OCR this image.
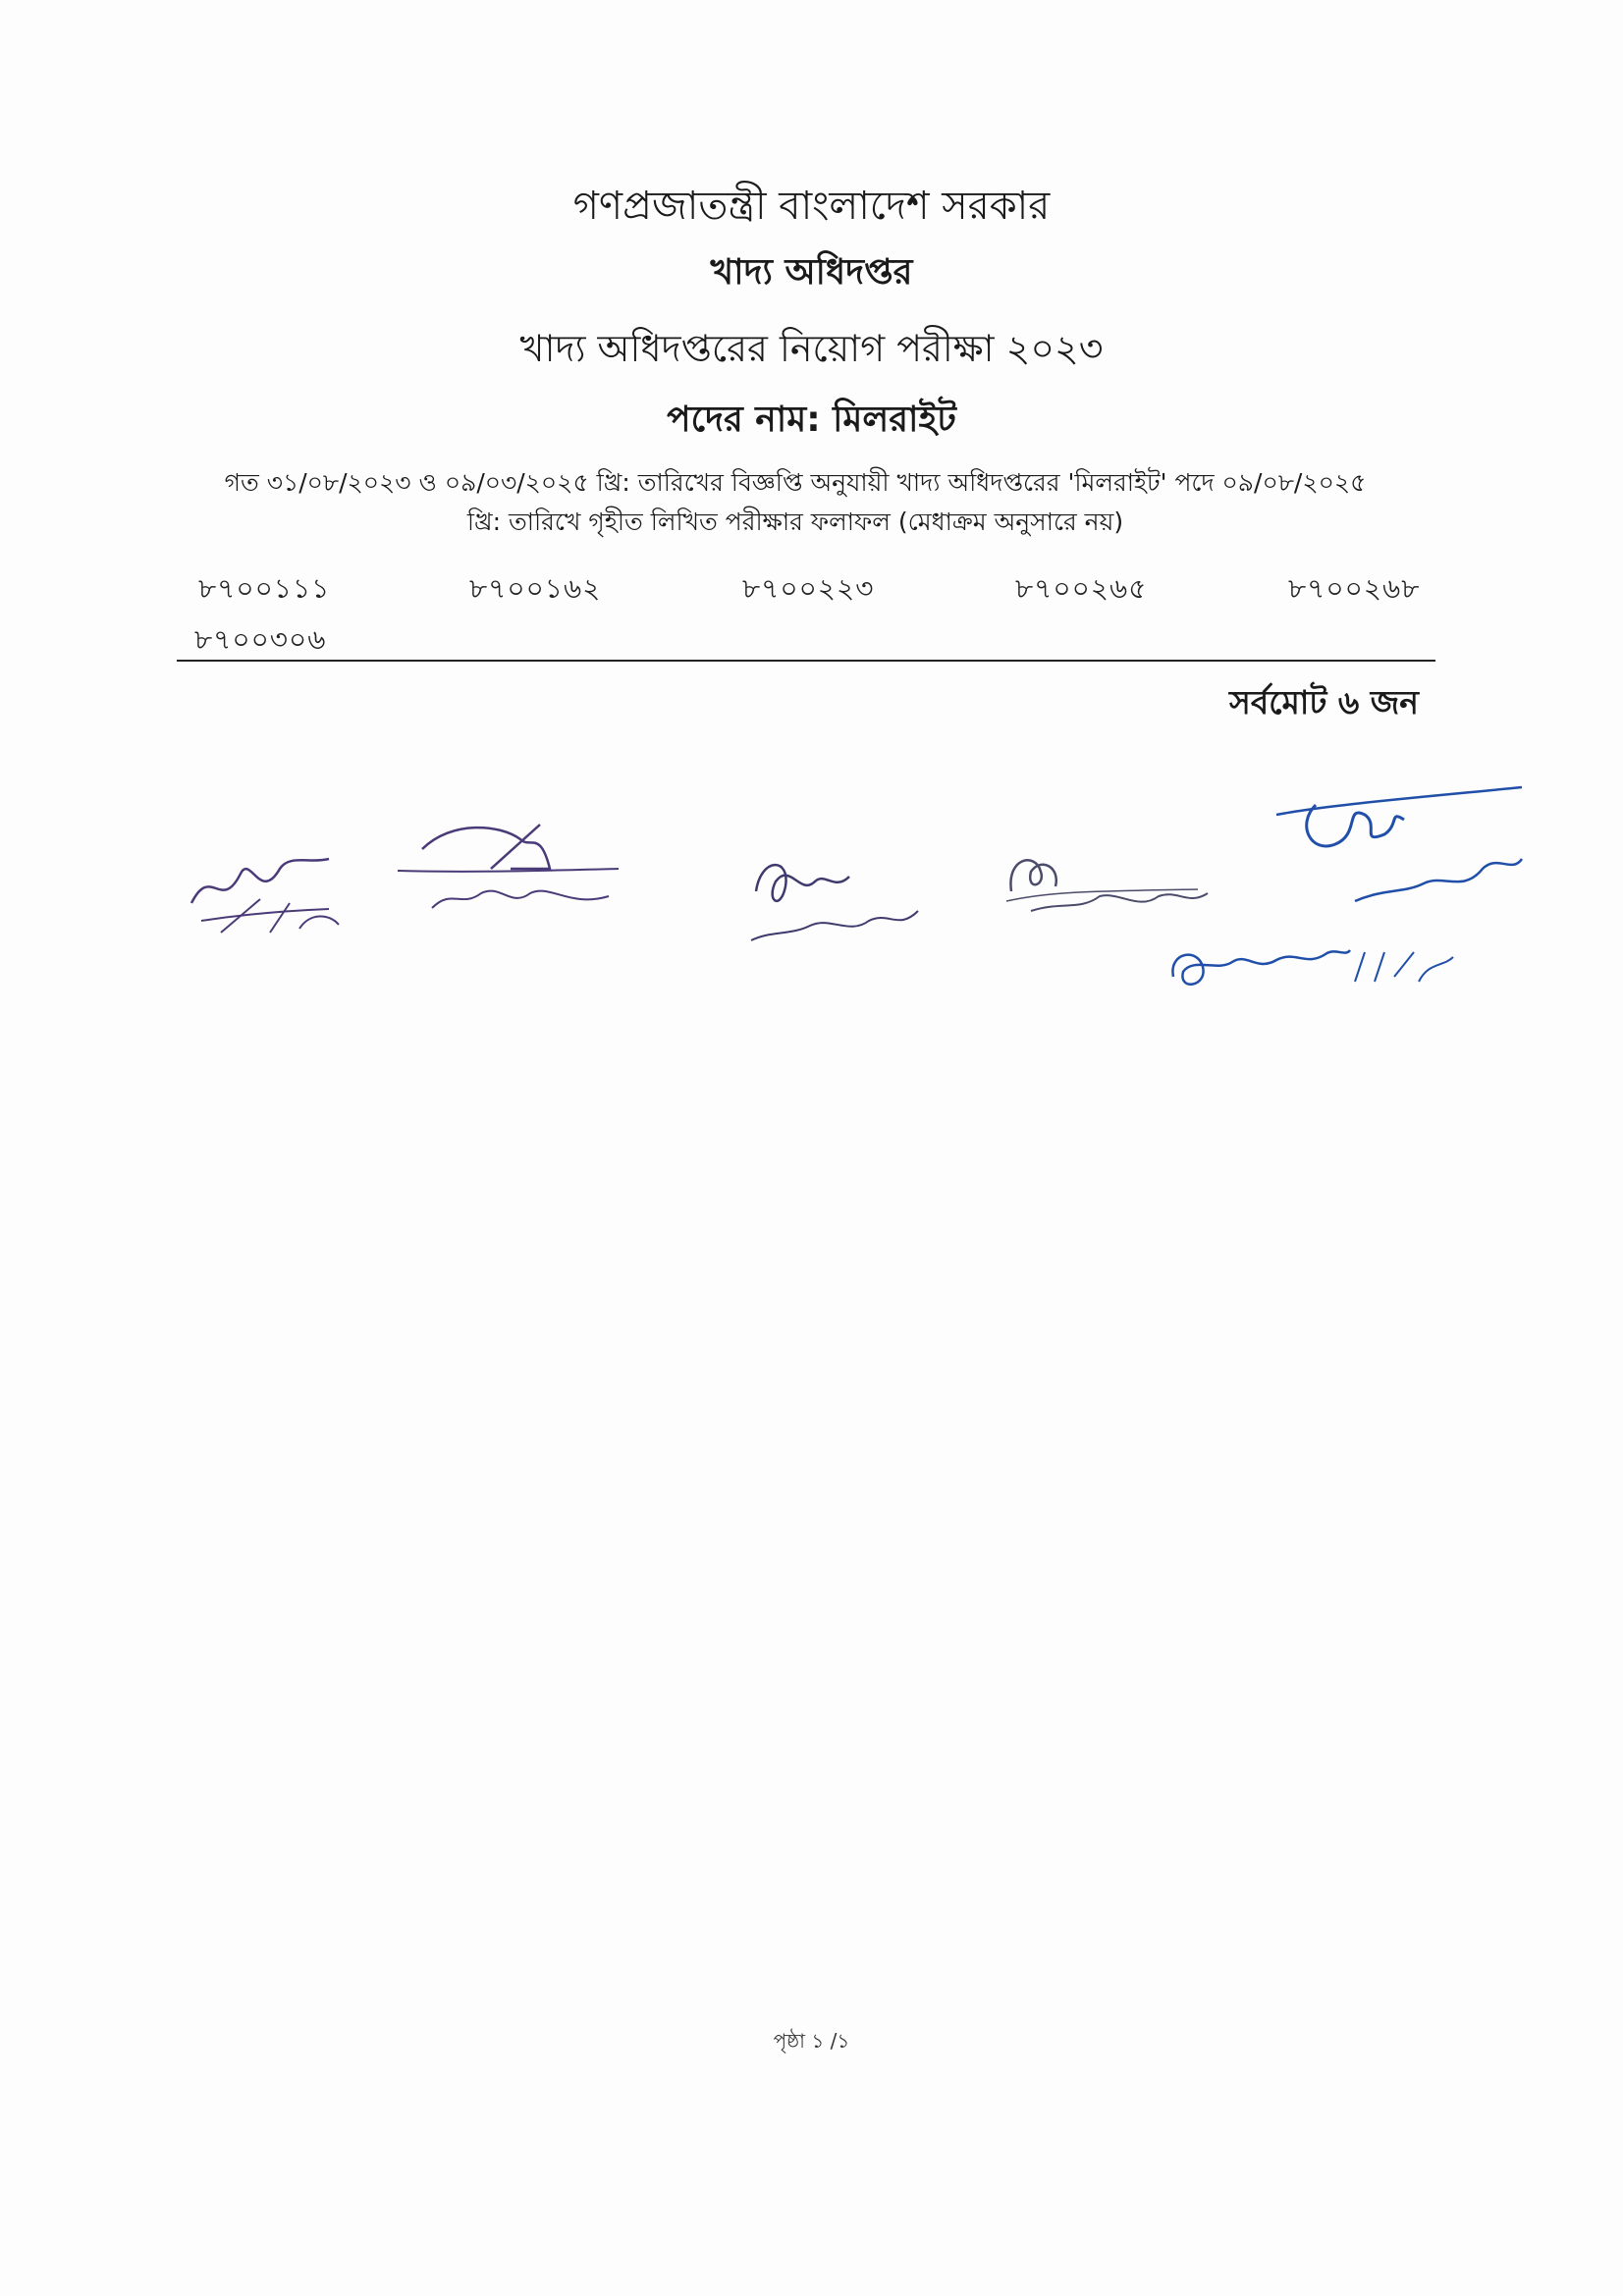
গণপ্রজাতন্ত্রী বাংলাদেশ সরকার
খাদ্য অধিদপ্তর
খাদ্য অধিদপ্তরের নিয়োগ পরীক্ষা ২০২৩
পদের নাম: মিলরাইট
গত ৩১/০৮/২০২৩ ও ০৯/০৩/২০২৫ খ্রি: তারিখের বিজ্ঞপ্তি অনুযায়ী খাদ্য অধিদপ্তরের 'মিলরাইট' পদে ০৯/০৮/২০২৫
খ্রি: তারিখে গৃহীত লিখিত পরীক্ষার ফলাফল (মেধাক্রম অনুসারে নয়)
৮৭০০১১১	৮৭০০১৬২	৮৭০০২২৩	৮৭০০২৬৫	৮৭০০২৬৮
৮৭০০৩০৬
সর্বমোট ৬ জন
পৃষ্ঠা ১ /১
